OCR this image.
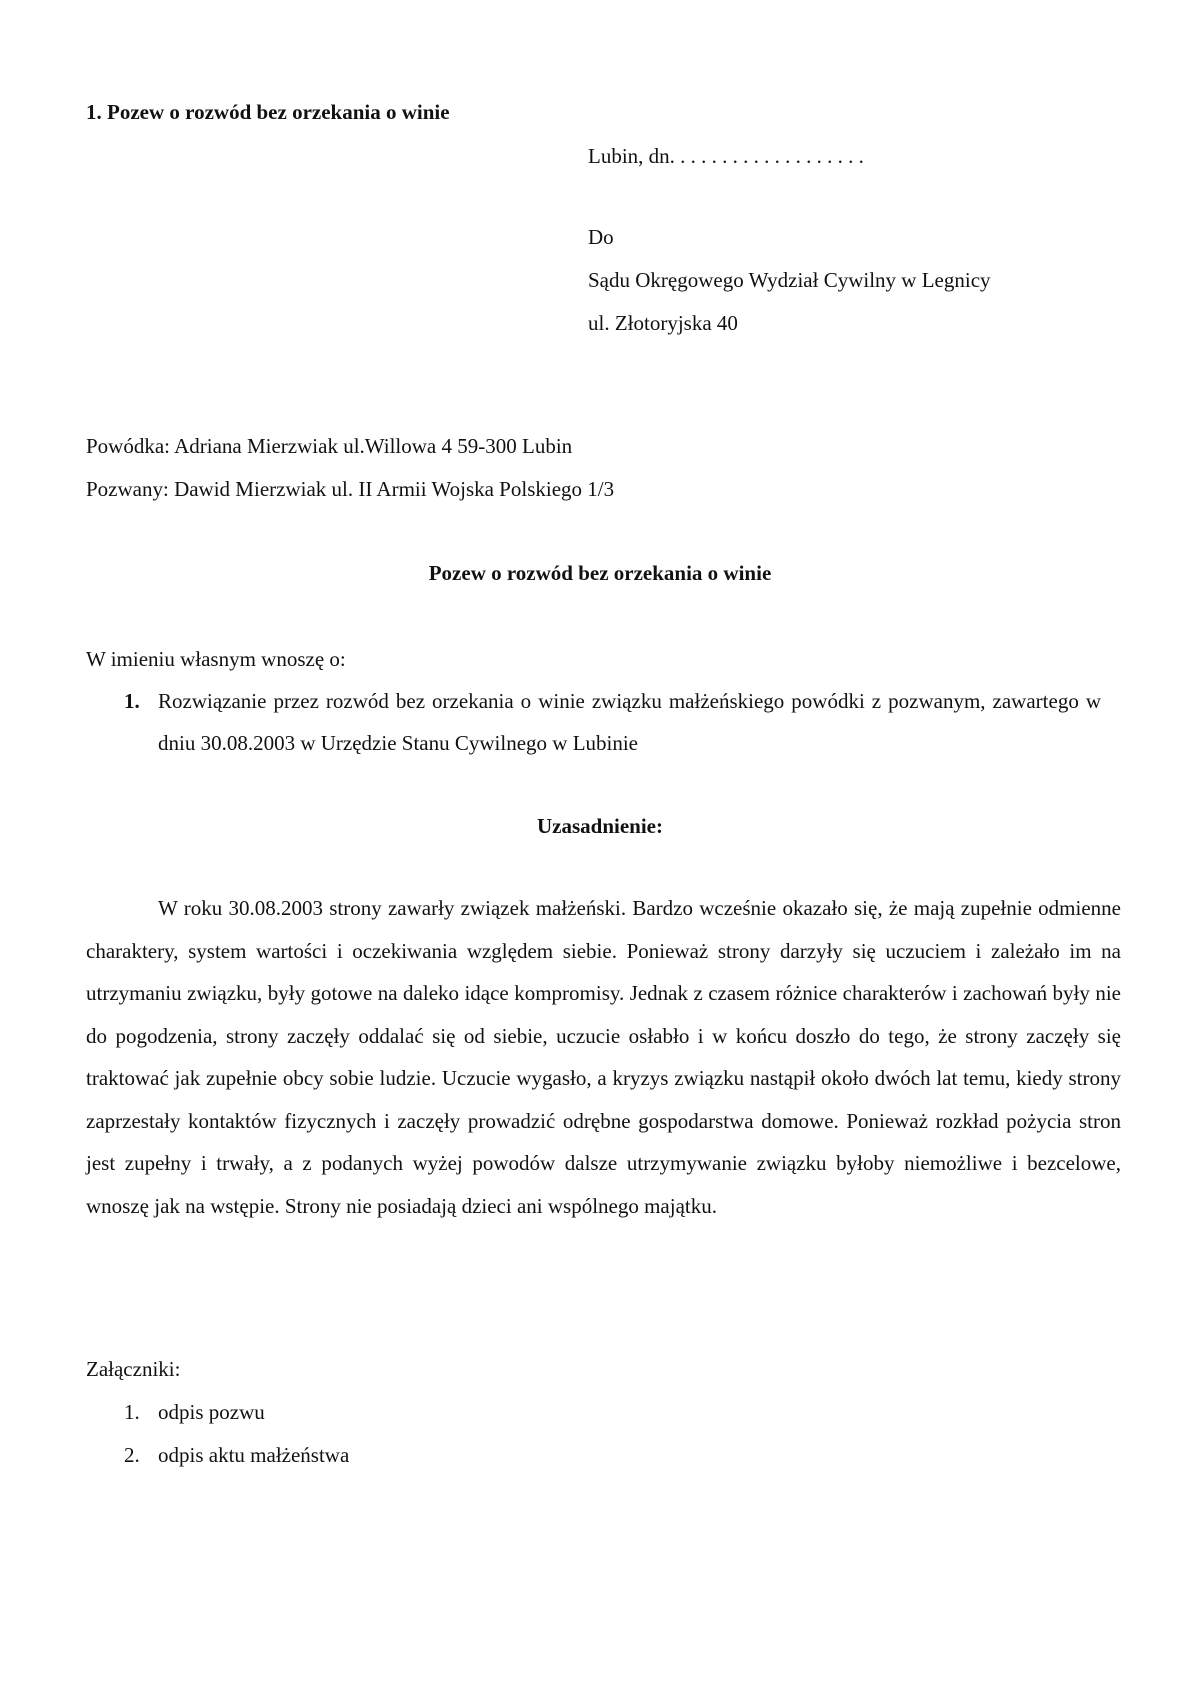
1. Pozew o rozwód bez orzekania o winie
Lubin, dn. . . . . . . . . . . . . . . . . . .
Do
Sądu Okręgowego Wydział Cywilny w Legnicy
ul. Złotoryjska 40
Powódka: Adriana Mierzwiak ul.Willowa 4 59-300 Lubin
Pozwany: Dawid Mierzwiak ul. II Armii Wojska Polskiego 1/3
Pozew o rozwód bez orzekania o winie
W imieniu własnym wnoszę o:
1. Rozwiązanie przez rozwód bez orzekania o winie związku małżeńskiego powódki z pozwanym, zawartego w dniu 30.08.2003 w Urzędzie Stanu Cywilnego w Lubinie
Uzasadnienie:
W roku 30.08.2003 strony zawarły związek małżeński. Bardzo wcześnie okazało się, że mają zupełnie odmienne charaktery, system wartości i oczekiwania względem siebie. Ponieważ strony darzyły się uczuciem i zależało im na utrzymaniu związku, były gotowe na daleko idące kompromisy. Jednak z czasem różnice charakterów i zachowań były nie do pogodzenia, strony zaczęły oddalać się od siebie, uczucie osłabło i w końcu doszło do tego, że strony zaczęły się traktować jak zupełnie obcy sobie ludzie. Uczucie wygasło, a kryzys związku nastąpił około dwóch lat temu, kiedy strony zaprzestały kontaktów fizycznych i zaczęły prowadzić odrębne gospodarstwa domowe. Ponieważ rozkład pożycia stron jest zupełny i trwały, a z podanych wyżej powodów dalsze utrzymywanie związku byłoby niemożliwe i bezcelowe, wnoszę jak na wstępie. Strony nie posiadają dzieci ani wspólnego majątku.
Załączniki:
1. odpis pozwu
2. odpis aktu małżeństwa
